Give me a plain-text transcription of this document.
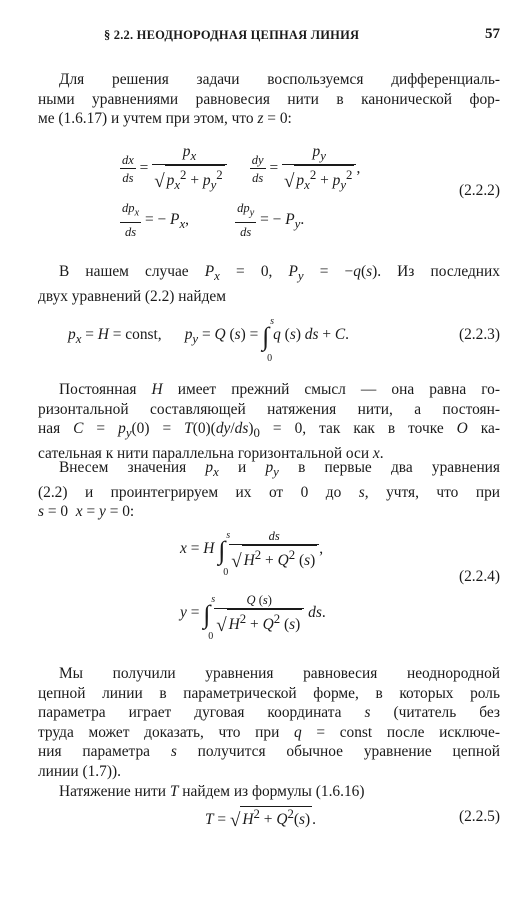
§ 2.2. НЕОДНОРОДНАЯ ЦЕПНАЯ ЛИНИЯ	57
Для решения задачи воспользуемся дифференциаль-
ными уравнениями равновесия нити в канонической фор-
ме (1.6.17) и учтем при этом, что z = 0:
$\frac{dx}{ds} = \frac{p_x}{√ p_x^2 + p_y^2}$
$\frac{dy}{ds} = \frac{p_y}{√ p_x^2 + p_y^2}$ ,
$\frac{dp_x}{ds}$ = − $P_x$, $\frac{dp_y}{ds}$ = − $P_y$.
(2.2.2)
В нашем случае $P_x = 0$, $P_y = -q(s)$. Из последних
двух уравнений (2.2) найдем
$p_x = H$ = const,      $p_y = Q$ (s) = ∫
s
0
q (s) ds + C.	(2.2.3)
Постоянная H имеет прежний смысл — она равна го-
ризонтальной составляющей натяжения нити, а постоян-
ная $C = p_y(0) = T(0)(dy/ds)_0 = 0$, так как в точке O ка-
сательная к нити параллельна горизонтальной оси x.
Внесем значения $p_x$ и $p_y$ в первые два уравнения
(2.2) и проинтегрируем их от 0 до s, учтя, что при
s = 0  x = y = 0:
x = H ∫
s
0

$\frac{ds}{√ H^2 + Q^2 (s)}$ ,
y = ∫
s
0

$\frac{Q (s)}{√ H^2 + Q^2 (s)}$ ds.
(2.2.4)
Мы получили уравнения равновесия неоднородной
цепной линии в параметрической форме, в которых роль
параметра играет дуговая координата s (читатель без
труда может доказать, что при q = const после исключе-
ния параметра s получится обычное уравнение цепной
линии (1.7)).
Натяжение нити T найдем из формулы (1.6.16)
T = √ $H^2 + Q^2(s)$ .	(2.2.5)
